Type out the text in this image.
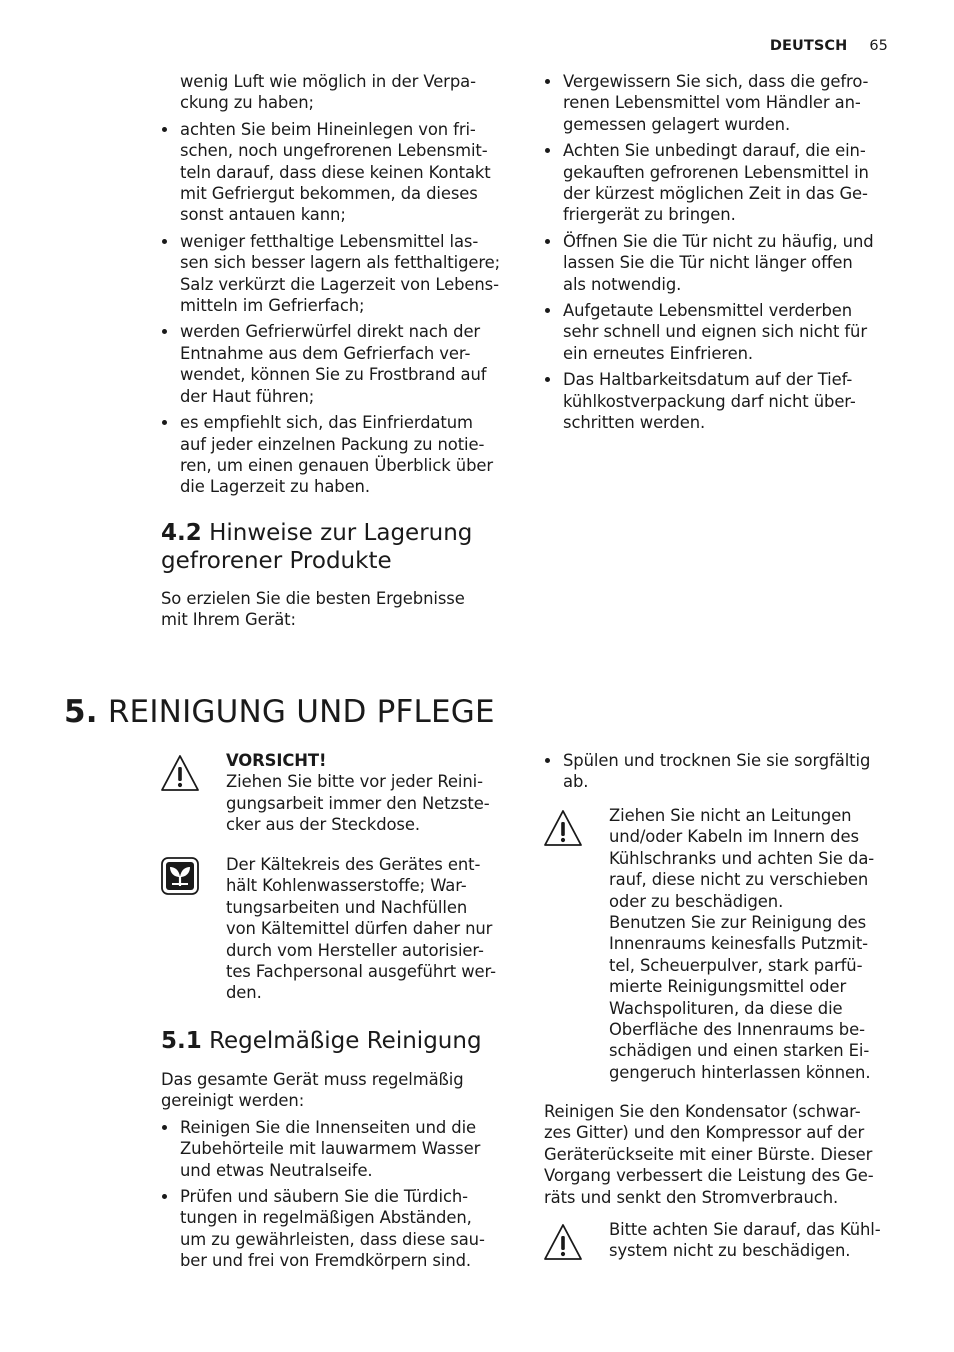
DEUTSCH 65
wenig Luft wie möglich in der Verpa-
ckung zu haben;
achten Sie beim Hineinlegen von fri-
schen, noch ungefrorenen Lebensmit-
teln darauf, dass diese keinen Kontakt
mit Gefriergut bekommen, da dieses
sonst antauen kann;
weniger fetthaltige Lebensmittel las-
sen sich besser lagern als fetthaltigere;
Salz verkürzt die Lagerzeit von Lebens-
mitteln im Gefrierfach;
werden Gefrierwürfel direkt nach der
Entnahme aus dem Gefrierfach ver-
wendet, können Sie zu Frostbrand auf
der Haut führen;
es empfiehlt sich, das Einfrierdatum
auf jeder einzelnen Packung zu notie-
ren, um einen genauen Überblick über
die Lagerzeit zu haben.
4.2 Hinweise zur Lagerung
gefrorener Produkte
So erzielen Sie die besten Ergebnisse
mit Ihrem Gerät:
Vergewissern Sie sich, dass die gefro-
renen Lebensmittel vom Händler an-
gemessen gelagert wurden.
Achten Sie unbedingt darauf, die ein-
gekauften gefrorenen Lebensmittel in
der kürzest möglichen Zeit in das Ge-
friergerät zu bringen.
Öffnen Sie die Tür nicht zu häufig, und
lassen Sie die Tür nicht länger offen
als notwendig.
Aufgetaute Lebensmittel verderben
sehr schnell und eignen sich nicht für
ein erneutes Einfrieren.
Das Haltbarkeitsdatum auf der Tief-
kühlkostverpackung darf nicht über-
schritten werden.
5. REINIGUNG UND PFLEGE
VORSICHT!
Ziehen Sie bitte vor jeder Reini-
gungsarbeit immer den Netzste-
cker aus der Steckdose.
Der Kältekreis des Gerätes ent-
hält Kohlenwasserstoffe; War-
tungsarbeiten und Nachfüllen
von Kältemittel dürfen daher nur
durch vom Hersteller autorisier-
tes Fachpersonal ausgeführt wer-
den.
5.1 Regelmäßige Reinigung
Das gesamte Gerät muss regelmäßig
gereinigt werden:
Reinigen Sie die Innenseiten und die
Zubehörteile mit lauwarmem Wasser
und etwas Neutralseife.
Prüfen und säubern Sie die Türdich-
tungen in regelmäßigen Abständen,
um zu gewährleisten, dass diese sau-
ber und frei von Fremdkörpern sind.
Spülen und trocknen Sie sie sorgfältig
ab.
Ziehen Sie nicht an Leitungen
und/oder Kabeln im Innern des
Kühlschranks und achten Sie da-
rauf, diese nicht zu verschieben
oder zu beschädigen.
Benutzen Sie zur Reinigung des
Innenraums keinesfalls Putzmit-
tel, Scheuerpulver, stark parfü-
mierte Reinigungsmittel oder
Wachspolituren, da diese die
Oberfläche des Innenraums be-
schädigen und einen starken Ei-
gengeruch hinterlassen können.
Reinigen Sie den Kondensator (schwar-
zes Gitter) und den Kompressor auf der
Geräterückseite mit einer Bürste. Dieser
Vorgang verbessert die Leistung des Ge-
räts und senkt den Stromverbrauch.
Bitte achten Sie darauf, das Kühl-
system nicht zu beschädigen.
